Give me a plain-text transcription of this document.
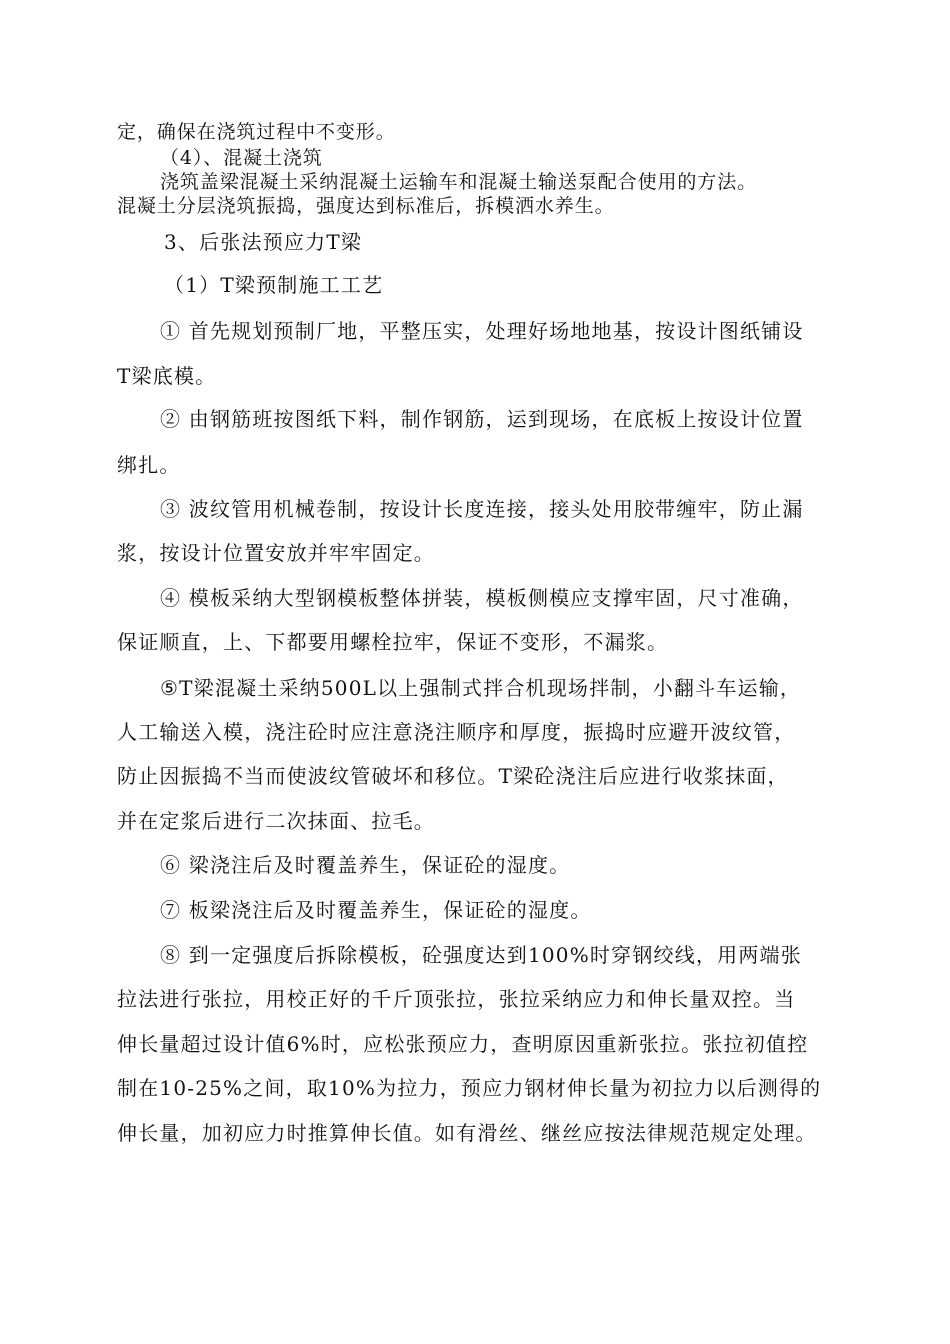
定，确保在浇筑过程中不变形。
（4）、混凝土浇筑
浇筑盖梁混凝土采纳混凝土运输车和混凝土输送泵配合使用的方法。
混凝土分层浇筑振捣，强度达到标准后，拆模洒水养生。
3、后张法预应力T梁
（1）T梁预制施工工艺
① 首先规划预制厂地，平整压实，处理好场地地基，按设计图纸铺设
T梁底模。
② 由钢筋班按图纸下料，制作钢筋，运到现场，在底板上按设计位置
绑扎。
③ 波纹管用机械卷制，按设计长度连接，接头处用胶带缠牢，防止漏
浆，按设计位置安放并牢牢固定。
④ 模板采纳大型钢模板整体拼装，模板侧模应支撑牢固，尺寸准确，
保证顺直，上、下都要用螺栓拉牢，保证不变形，不漏浆。
⑤T梁混凝土采纳500L以上强制式拌合机现场拌制，小翻斗车运输，
人工输送入模，浇注砼时应注意浇注顺序和厚度，振捣时应避开波纹管，
防止因振捣不当而使波纹管破坏和移位。T梁砼浇注后应进行收浆抹面，
并在定浆后进行二次抹面、拉毛。
⑥ 梁浇注后及时覆盖养生，保证砼的湿度。
⑦ 板梁浇注后及时覆盖养生，保证砼的湿度。
⑧ 到一定强度后拆除模板，砼强度达到100%时穿钢绞线，用两端张
拉法进行张拉，用校正好的千斤顶张拉，张拉采纳应力和伸长量双控。当
伸长量超过设计值6%时，应松张预应力，查明原因重新张拉。张拉初值控
制在10-25%之间，取10%为拉力，预应力钢材伸长量为初拉力以后测得的
伸长量，加初应力时推算伸长值。如有滑丝、继丝应按法律规范规定处理。
